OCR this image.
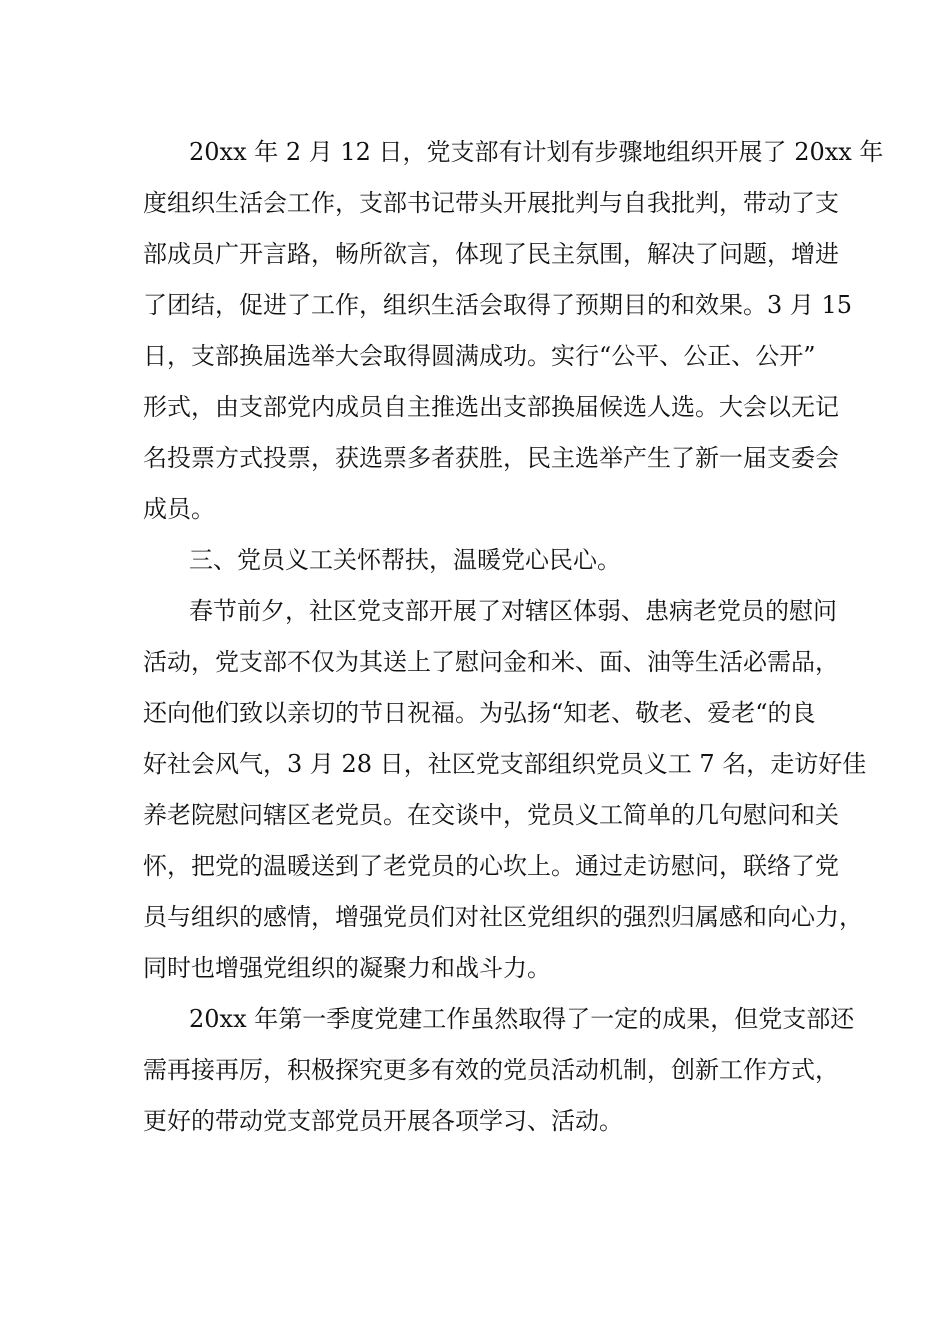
20xx 年 2 月 12 日，党支部有计划有步骤地组织开展了 20xx 年

度组织生活会工作，支部书记带头开展批判与自我批判，带动了支

部成员广开言路，畅所欲言，体现了民主氛围，解决了问题，增进

了团结，促进了工作，组织生活会取得了预期目的和效果。3 月 15

日，支部换届选举大会取得圆满成功。实行“公平、公正、公开”

形式，由支部党内成员自主推选出支部换届候选人选。大会以无记

名投票方式投票，获选票多者获胜，民主选举产生了新一届支委会

成员。

三、党员义工关怀帮扶，温暖党心民心。

春节前夕，社区党支部开展了对辖区体弱、患病老党员的慰问

活动，党支部不仅为其送上了慰问金和米、面、油等生活必需品，

还向他们致以亲切的节日祝福。为弘扬“知老、敬老、爱老“的良

好社会风气，3 月 28 日，社区党支部组织党员义工 7 名，走访好佳

养老院慰问辖区老党员。在交谈中，党员义工简单的几句慰问和关

怀，把党的温暖送到了老党员的心坎上。通过走访慰问，联络了党

员与组织的感情，增强党员们对社区党组织的强烈归属感和向心力，

同时也增强党组织的凝聚力和战斗力。

20xx 年第一季度党建工作虽然取得了一定的成果，但党支部还

需再接再厉，积极探究更多有效的党员活动机制，创新工作方式，

更好的带动党支部党员开展各项学习、活动。
